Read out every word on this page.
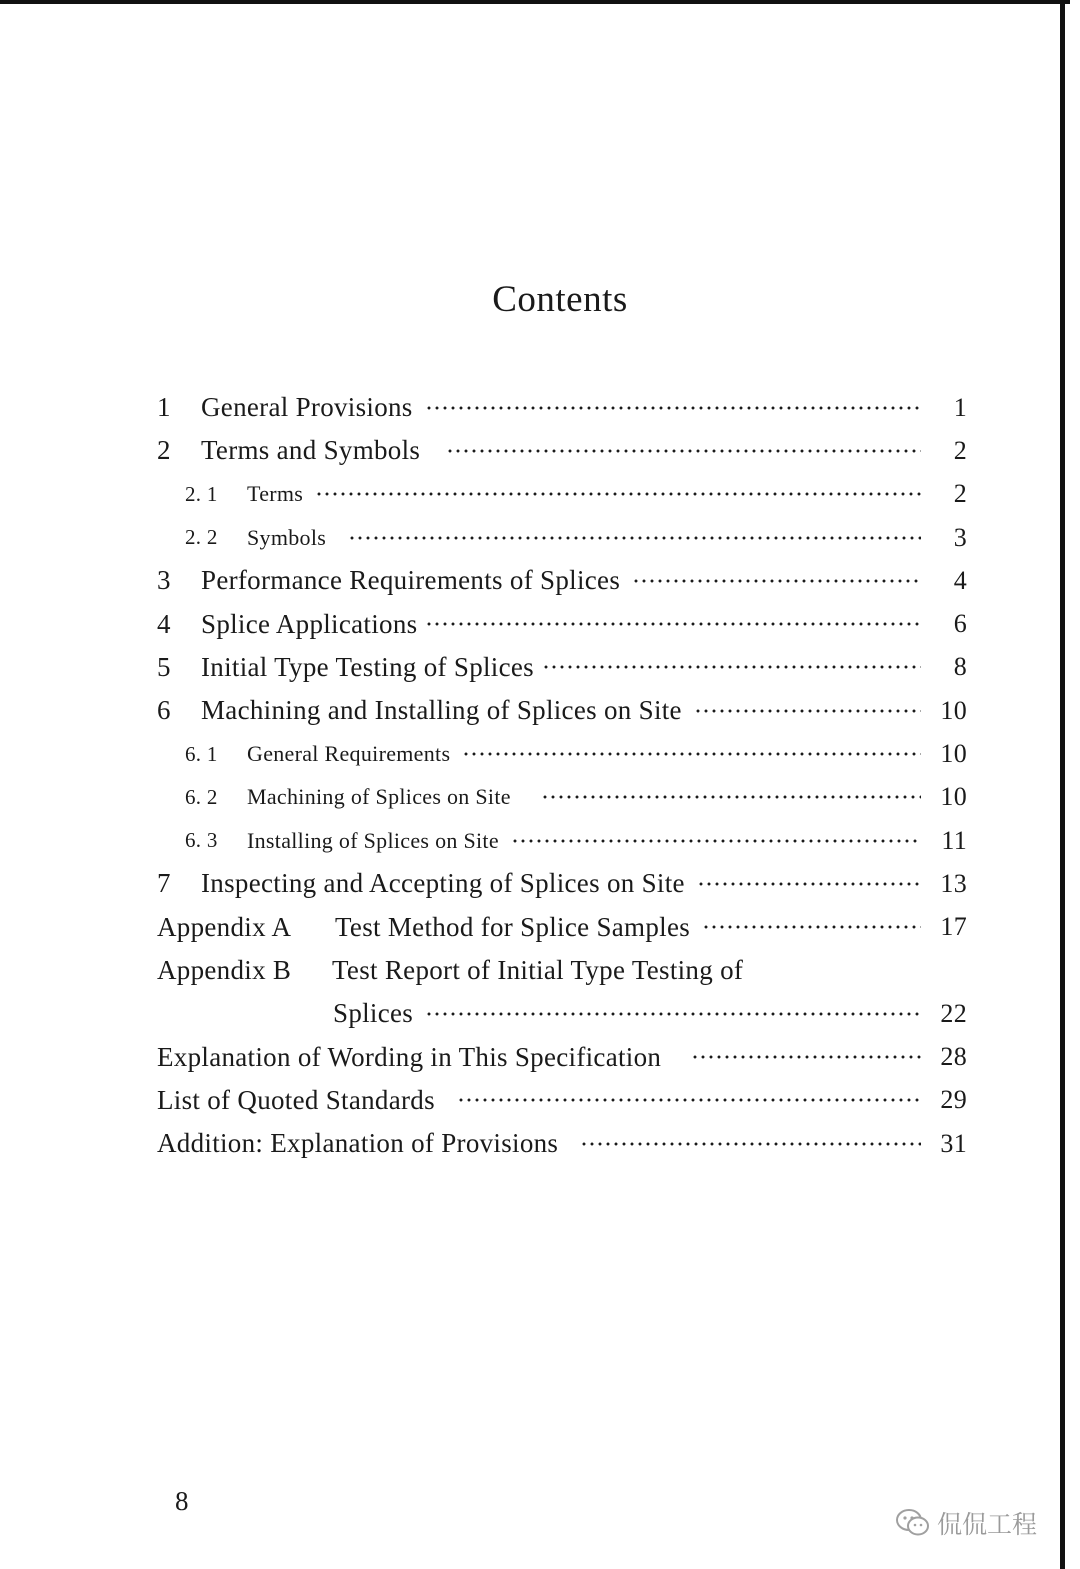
Contents
1	General Provisions	1
2	Terms and Symbols	2
2. 1	Terms	2
2. 2	Symbols	3
3	Performance Requirements of Splices	4
4	Splice Applications	6
5	Initial Type Testing of Splices	8
6	Machining and Installing of Splices on Site	10
6. 1	General Requirements	10
6. 2	Machining of Splices on Site	10
6. 3	Installing of Splices on Site	11
7	Inspecting and Accepting of Splices on Site	13
Appendix A	Test Method for Splice Samples	17
Appendix B	Test Report of Initial Type Testing of
Splices	22
Explanation of Wording in This Specification	28
List of Quoted Standards	29
Addition: Explanation of Provisions	31
8
侃侃工程
